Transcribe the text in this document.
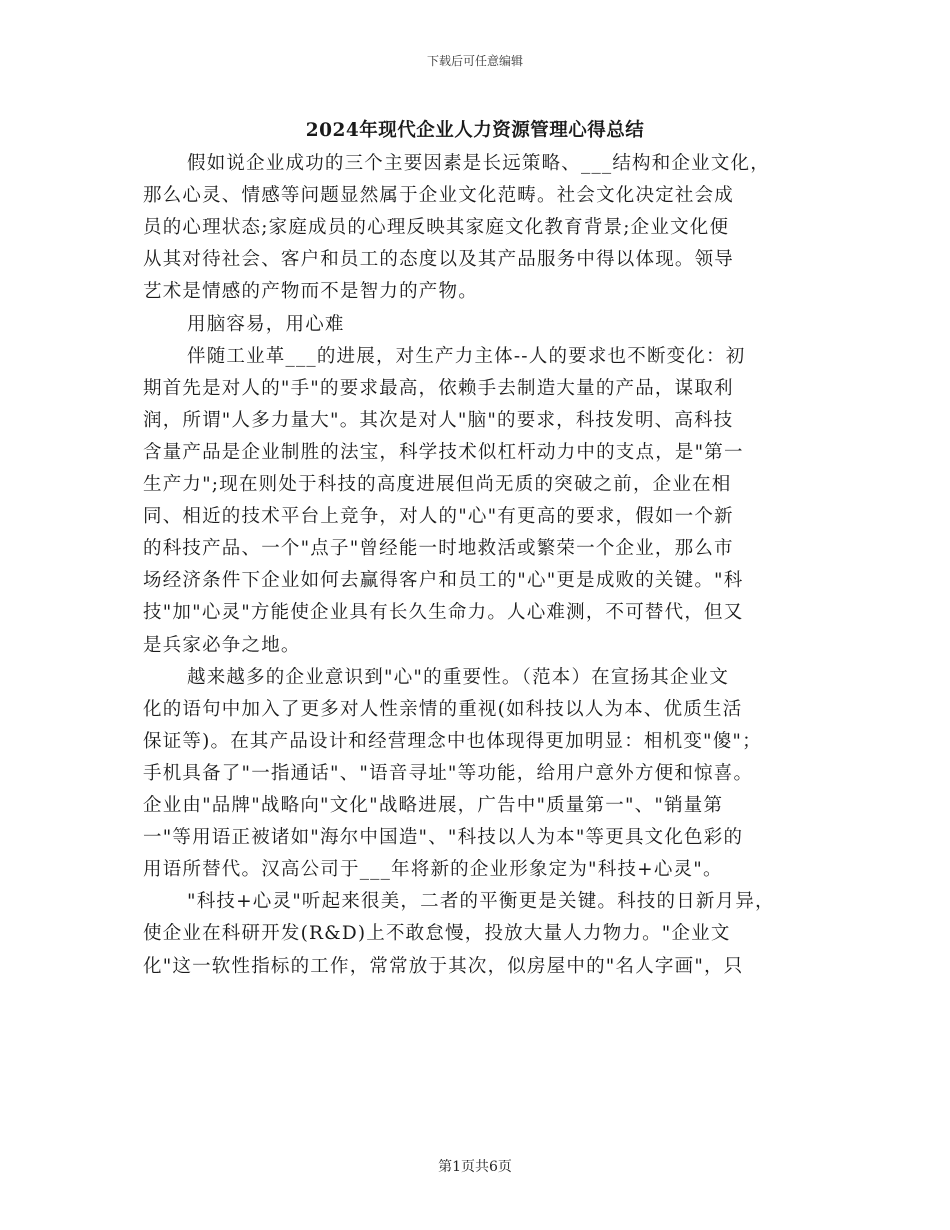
下载后可任意编辑
2024年现代企业人力资源管理心得总结
假如说企业成功的三个主要因素是长远策略、___结构和企业文化，
那么心灵、情感等问题显然属于企业文化范畴。社会文化决定社会成
员的心理状态;家庭成员的心理反映其家庭文化教育背景;企业文化便
从其对待社会、客户和员工的态度以及其产品服务中得以体现。领导
艺术是情感的产物而不是智力的产物。
用脑容易，用心难
伴随工业革___的进展，对生产力主体--人的要求也不断变化：初
期首先是对人的"手"的要求最高，依赖手去制造大量的产品，谋取利
润，所谓"人多力量大"。其次是对人"脑"的要求，科技发明、高科技
含量产品是企业制胜的法宝，科学技术似杠杆动力中的支点，是"第一
生产力";现在则处于科技的高度进展但尚无质的突破之前，企业在相
同、相近的技术平台上竞争，对人的"心"有更高的要求，假如一个新
的科技产品、一个"点子"曾经能一时地救活或繁荣一个企业，那么市
场经济条件下企业如何去赢得客户和员工的"心"更是成败的关键。"科
技"加"心灵"方能使企业具有长久生命力。人心难测，不可替代，但又
是兵家必争之地。
越来越多的企业意识到"心"的重要性。（范本）在宣扬其企业文
化的语句中加入了更多对人性亲情的重视(如科技以人为本、优质生活
保证等)。在其产品设计和经营理念中也体现得更加明显：相机变"傻"；
手机具备了"一指通话"、"语音寻址"等功能，给用户意外方便和惊喜。
企业由"品牌"战略向"文化"战略进展，广告中"质量第一"、"销量第
一"等用语正被诸如"海尔中国造"、"科技以人为本"等更具文化色彩的
用语所替代。汉高公司于___年将新的企业形象定为"科技+心灵"。
"科技+心灵"听起来很美，二者的平衡更是关键。科技的日新月异，
使企业在科研开发(R&D)上不敢怠慢，投放大量人力物力。"企业文
化"这一软性指标的工作，常常放于其次，似房屋中的"名人字画"，只
第1页共6页
